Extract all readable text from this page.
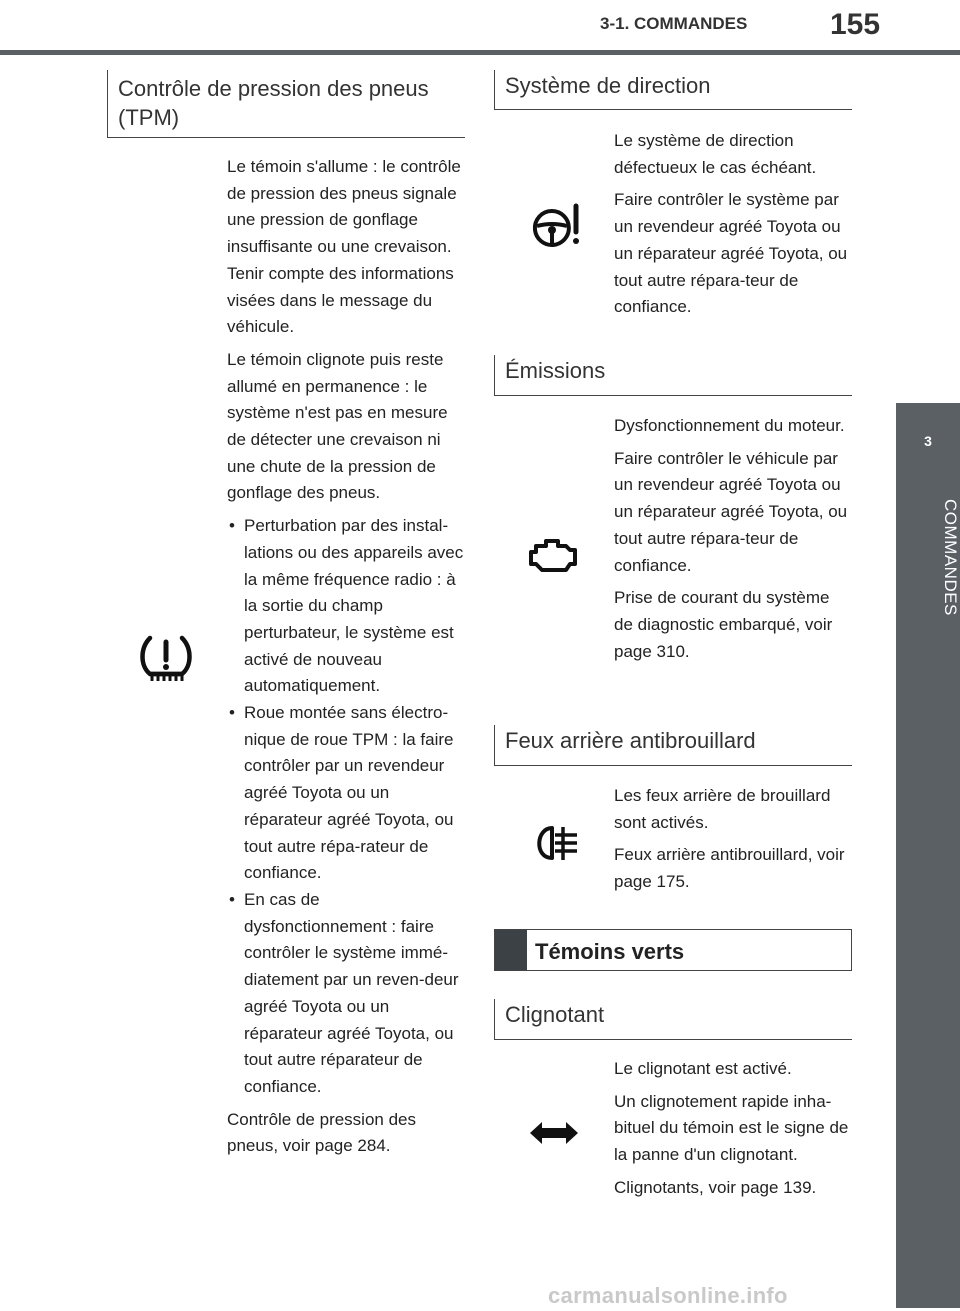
3-1. COMMANDES	155
3
COMMANDES
Contrôle de pression des pneus (TPM)

Le témoin s'allume : le contrôle de pression des pneus signale une pression de gonflage insuffisante ou une crevaison. Tenir compte des informations visées dans le message du véhicule.

Le témoin clignote puis reste allumé en permanence : le système n'est pas en mesure de détecter une crevaison ni une chute de la pression de gonflage des pneus.

• Perturbation par des instal-lations ou des appareils avec la même fréquence radio : à la sortie du champ perturbateur, le système est activé de nouveau automatiquement.
• Roue montée sans électro-nique de roue TPM : la faire contrôler par un revendeur agréé Toyota ou un réparateur agréé Toyota, ou tout autre répa-rateur de confiance.
• En cas de dysfonctionnement : faire contrôler le système immé-diatement par un reven-deur agréé Toyota ou un réparateur agréé Toyota, ou tout autre réparateur de confiance.

Contrôle de pression des pneus, voir page 284.

Système de direction

Le système de direction défectueux le cas échéant.

Faire contrôler le système par un revendeur agréé Toyota ou un réparateur agréé Toyota, ou tout autre répara-teur de confiance.

Émissions

Dysfonctionnement du moteur.

Faire contrôler le véhicule par un revendeur agréé Toyota ou un réparateur agréé Toyota, ou tout autre répara-teur de confiance.

Prise de courant du système de diagnostic embarqué, voir page 310.

Feux arrière antibrouillard

Les feux arrière de brouillard sont activés.

Feux arrière antibrouillard, voir page 175.

Témoins verts
Clignotant

Le clignotant est activé.

Un clignotement rapide inha-bituel du témoin est le signe de la panne d'un clignotant.

Clignotants, voir page 139.

carmanualsonline.info
